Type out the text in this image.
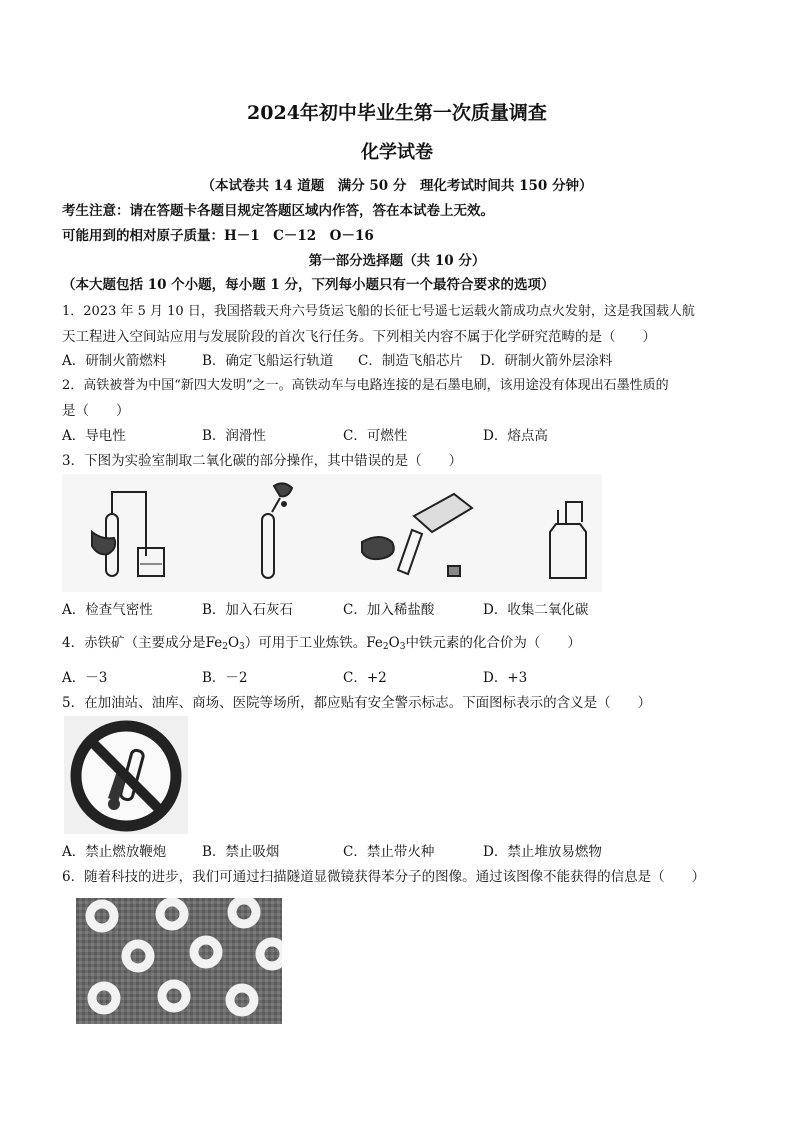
2024年初中毕业生第一次质量调查
化学试卷
（本试卷共 14 道题　满分 50 分　理化考试时间共 150 分钟）
考生注意：请在答题卡各题目规定答题区域内作答，答在本试卷上无效。
可能用到的相对原子质量：H－1　C－12　O－16
第一部分选择题（共 10 分）
（本大题包括 10 个小题，每小题 1 分，下列每小题只有一个最符合要求的选项）
1．2023 年 5 月 10 日，我国搭载天舟六号货运飞船的长征七号遥七运载火箭成功点火发射，这是我国载人航
天工程进入空间站应用与发展阶段的首次飞行任务。下列相关内容不属于化学研究范畴的是（　　）
A．研制火箭燃料	B．确定飞船运行轨道 C．制造飞船芯片 D．研制火箭外层涂料
2．高铁被誉为中国“新四大发明”之一。高铁动车与电路连接的是石墨电刷，该用途没有体现出石墨性质的
是（　　）
A．导电性	B．润滑性	C．可燃性	D．熔点高
3．下图为实验室制取二氧化碳的部分操作，其中错误的是（　　）
A．检查气密性	B．加入石灰石	C．加入稀盐酸	D．收集二氧化碳
4．赤铁矿（主要成分是$Fe_2O_3$）可用于工业炼铁。$Fe_2O_3$中铁元素的化合价为（　　）
A．－3	B．－2	C．+2	D．+3
5．在加油站、油库、商场、医院等场所，都应贴有安全警示标志。下面图标表示的含义是（　　）
A．禁止燃放鞭炮	B．禁止吸烟	C．禁止带火种	D．禁止堆放易燃物
6．随着科技的进步，我们可通过扫描隧道显微镜获得苯分子的图像。通过该图像不能获得的信息是（　　）
